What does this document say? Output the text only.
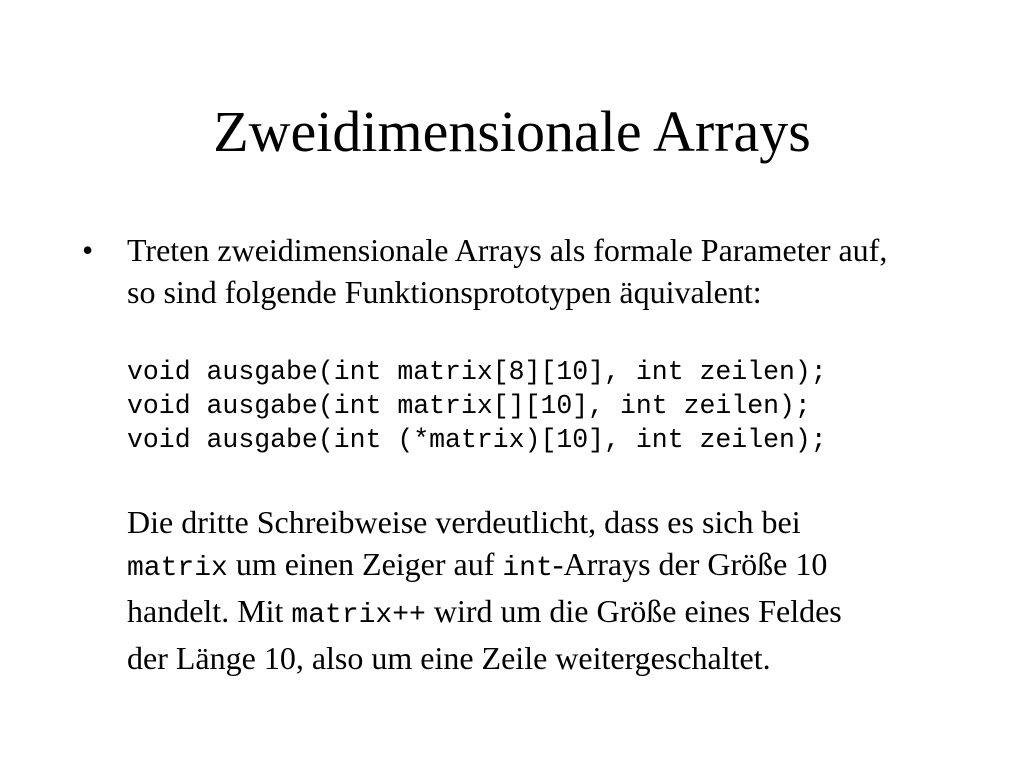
Zweidimensionale Arrays
• Treten zweidimensionale Arrays als formale Parameter auf,
so sind folgende Funktionsprototypen äquivalent:

void ausgabe(int matrix[8][10], int zeilen);
void ausgabe(int matrix[][10], int zeilen);
void ausgabe(int (*matrix)[10], int zeilen);

Die dritte Schreibweise verdeutlicht, dass es sich bei
matrix um einen Zeiger auf int-Arrays der Größe 10
handelt. Mit matrix++ wird um die Größe eines Feldes
der Länge 10, also um eine Zeile weitergeschaltet.
